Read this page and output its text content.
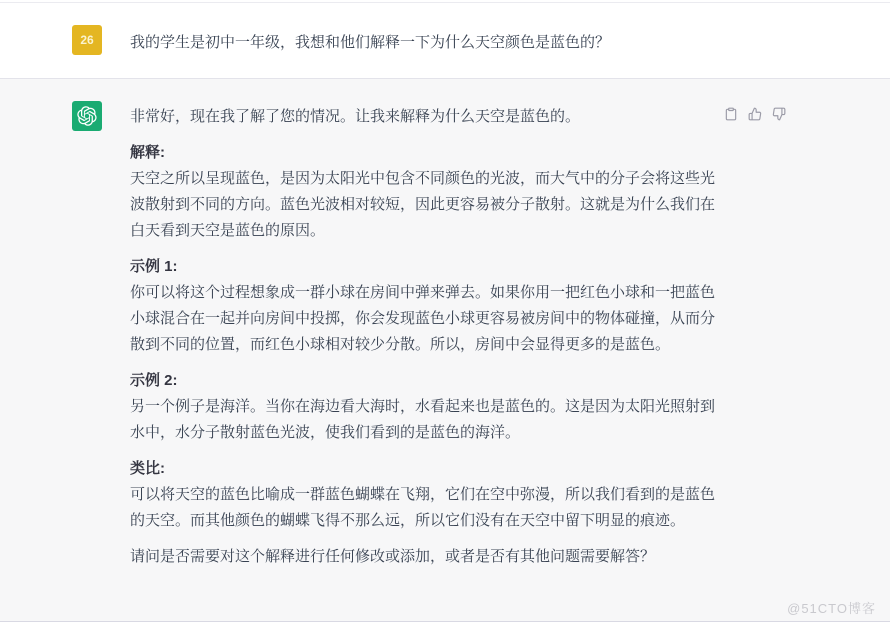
26 我的学生是初中一年级，我想和他们解释一下为什么天空颜色是蓝色的？

非常好，现在我了解了您的情况。让我来解释为什么天空是蓝色的。

解释:

天空之所以呈现蓝色，是因为太阳光中包含不同颜色的光波，而大气中的分子会将这些光波散射到不同的方向。蓝色光波相对较短，因此更容易被分子散射。这就是为什么我们在白天看到天空是蓝色的原因。

示例 1:

你可以将这个过程想象成一群小球在房间中弹来弹去。如果你用一把红色小球和一把蓝色小球混合在一起并向房间中投掷，你会发现蓝色小球更容易被房间中的物体碰撞，从而分散到不同的位置，而红色小球相对较少分散。所以，房间中会显得更多的是蓝色。

示例 2:

另一个例子是海洋。当你在海边看大海时，水看起来也是蓝色的。这是因为太阳光照射到水中，水分子散射蓝色光波，使我们看到的是蓝色的海洋。

类比:

可以将天空的蓝色比喻成一群蓝色蝴蝶在飞翔，它们在空中弥漫，所以我们看到的是蓝色的天空。而其他颜色的蝴蝶飞得不那么远，所以它们没有在天空中留下明显的痕迹。

请问是否需要对这个解释进行任何修改或添加，或者是否有其他问题需要解答？

@51CTO博客
